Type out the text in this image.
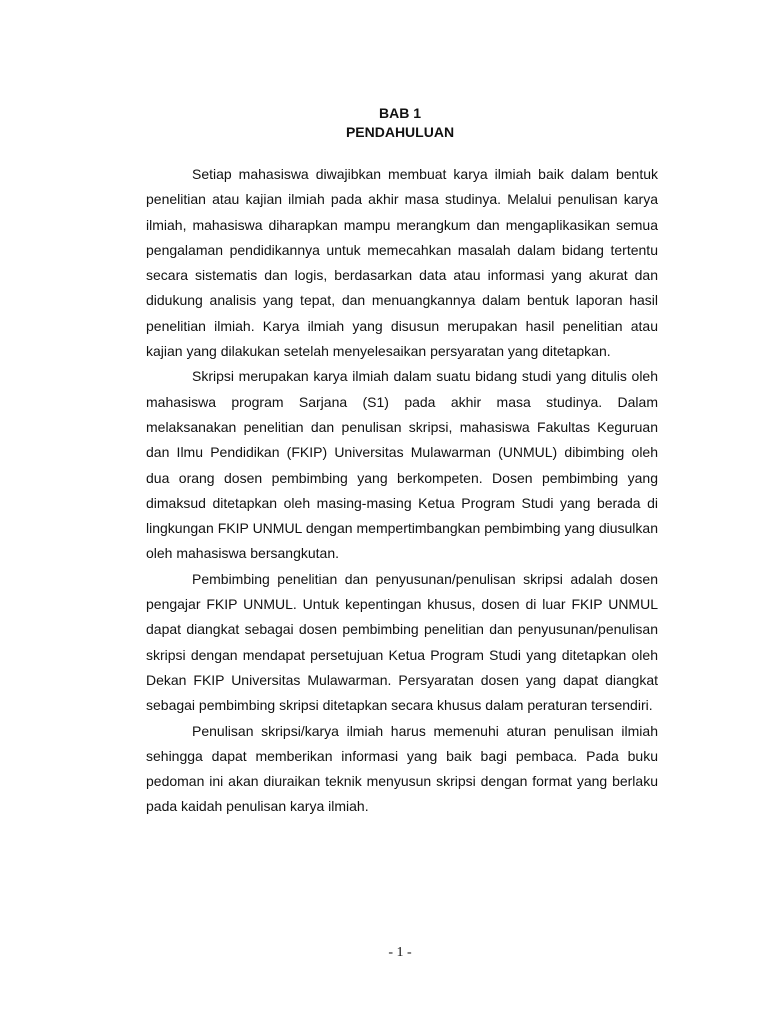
BAB 1
PENDAHULUAN

Setiap mahasiswa diwajibkan membuat karya ilmiah baik dalam bentuk penelitian atau kajian ilmiah pada akhir masa studinya. Melalui penulisan karya ilmiah, mahasiswa diharapkan mampu merangkum dan mengaplikasikan semua pengalaman pendidikannya untuk memecahkan masalah dalam bidang tertentu secara sistematis dan logis, berdasarkan data atau informasi yang akurat dan didukung analisis yang tepat, dan menuangkannya dalam bentuk laporan hasil penelitian ilmiah. Karya ilmiah yang disusun merupakan hasil penelitian atau kajian yang dilakukan setelah menyelesaikan persyaratan yang ditetapkan.

Skripsi merupakan karya ilmiah dalam suatu bidang studi yang ditulis oleh mahasiswa program Sarjana (S1) pada akhir masa studinya. Dalam melaksanakan penelitian dan penulisan skripsi, mahasiswa Fakultas Keguruan dan Ilmu Pendidikan (FKIP) Universitas Mulawarman (UNMUL) dibimbing oleh dua orang dosen pembimbing yang berkompeten. Dosen pembimbing yang dimaksud ditetapkan oleh masing-masing Ketua Program Studi yang berada di lingkungan FKIP UNMUL dengan mempertimbangkan pembimbing yang diusulkan oleh mahasiswa bersangkutan.

Pembimbing penelitian dan penyusunan/penulisan skripsi adalah dosen pengajar FKIP UNMUL. Untuk kepentingan khusus, dosen di luar FKIP UNMUL dapat diangkat sebagai dosen pembimbing penelitian dan penyusunan/penulisan skripsi dengan mendapat persetujuan Ketua Program Studi yang ditetapkan oleh Dekan FKIP Universitas Mulawarman. Persyaratan dosen yang dapat diangkat sebagai pembimbing skripsi ditetapkan secara khusus dalam peraturan tersendiri.

Penulisan skripsi/karya ilmiah harus memenuhi aturan penulisan ilmiah sehingga dapat memberikan informasi yang baik bagi pembaca. Pada buku pedoman ini akan diuraikan teknik menyusun skripsi dengan format yang berlaku pada kaidah penulisan karya ilmiah.

- 1 -
